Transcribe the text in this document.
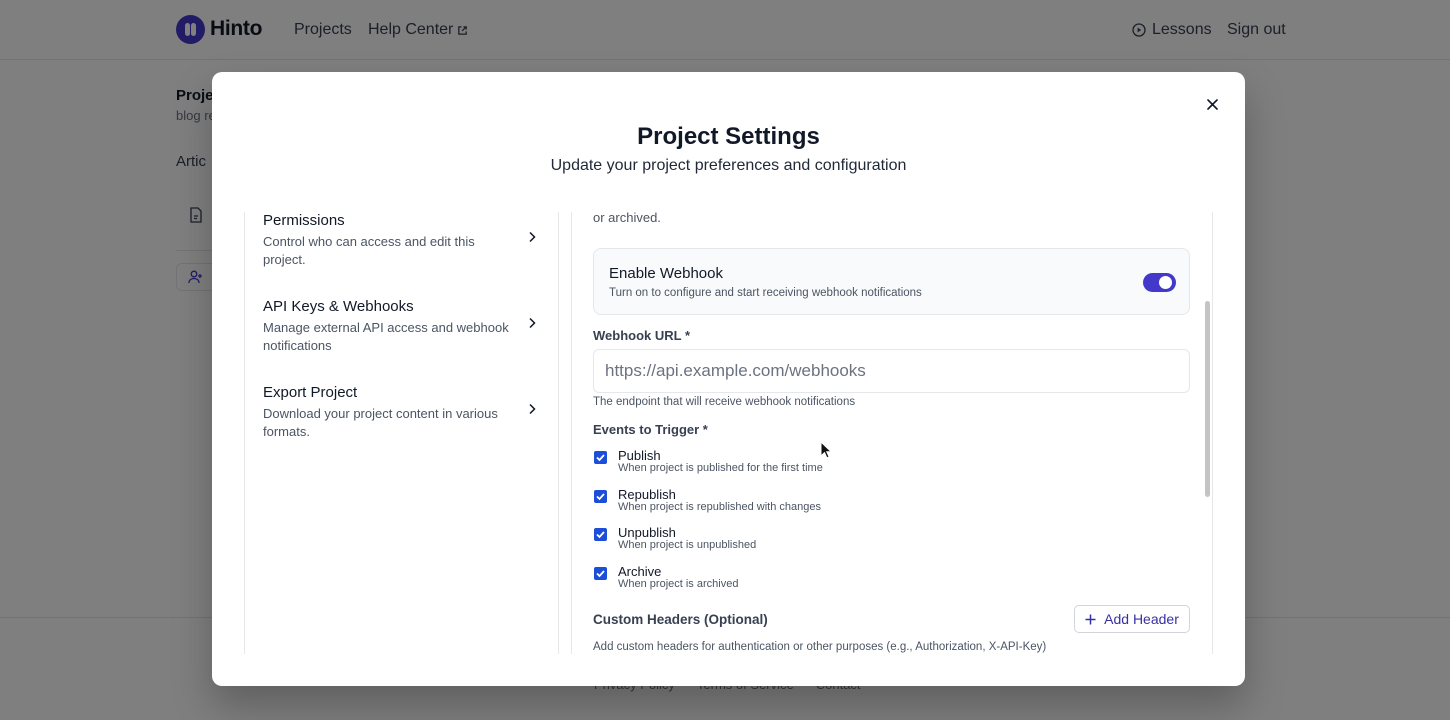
Project Settings
Update your project preferences and configuration
Permissions
Control who can access and edit this project.
API Keys & Webhooks
Manage external API access and webhook notifications
Export Project
Download your project content in various formats.
or archived.
Enable Webhook
Turn on to configure and start receiving webhook notifications
Webhook URL *
https://api.example.com/webhooks
The endpoint that will receive webhook notifications
Events to Trigger *
Publish
When project is published for the first time
Republish
When project is republished with changes
Unpublish
When project is unpublished
Archive
When project is archived
Custom Headers (Optional)	Add Header
Add custom headers for authentication or other purposes (e.g., Authorization, X-API-Key)
